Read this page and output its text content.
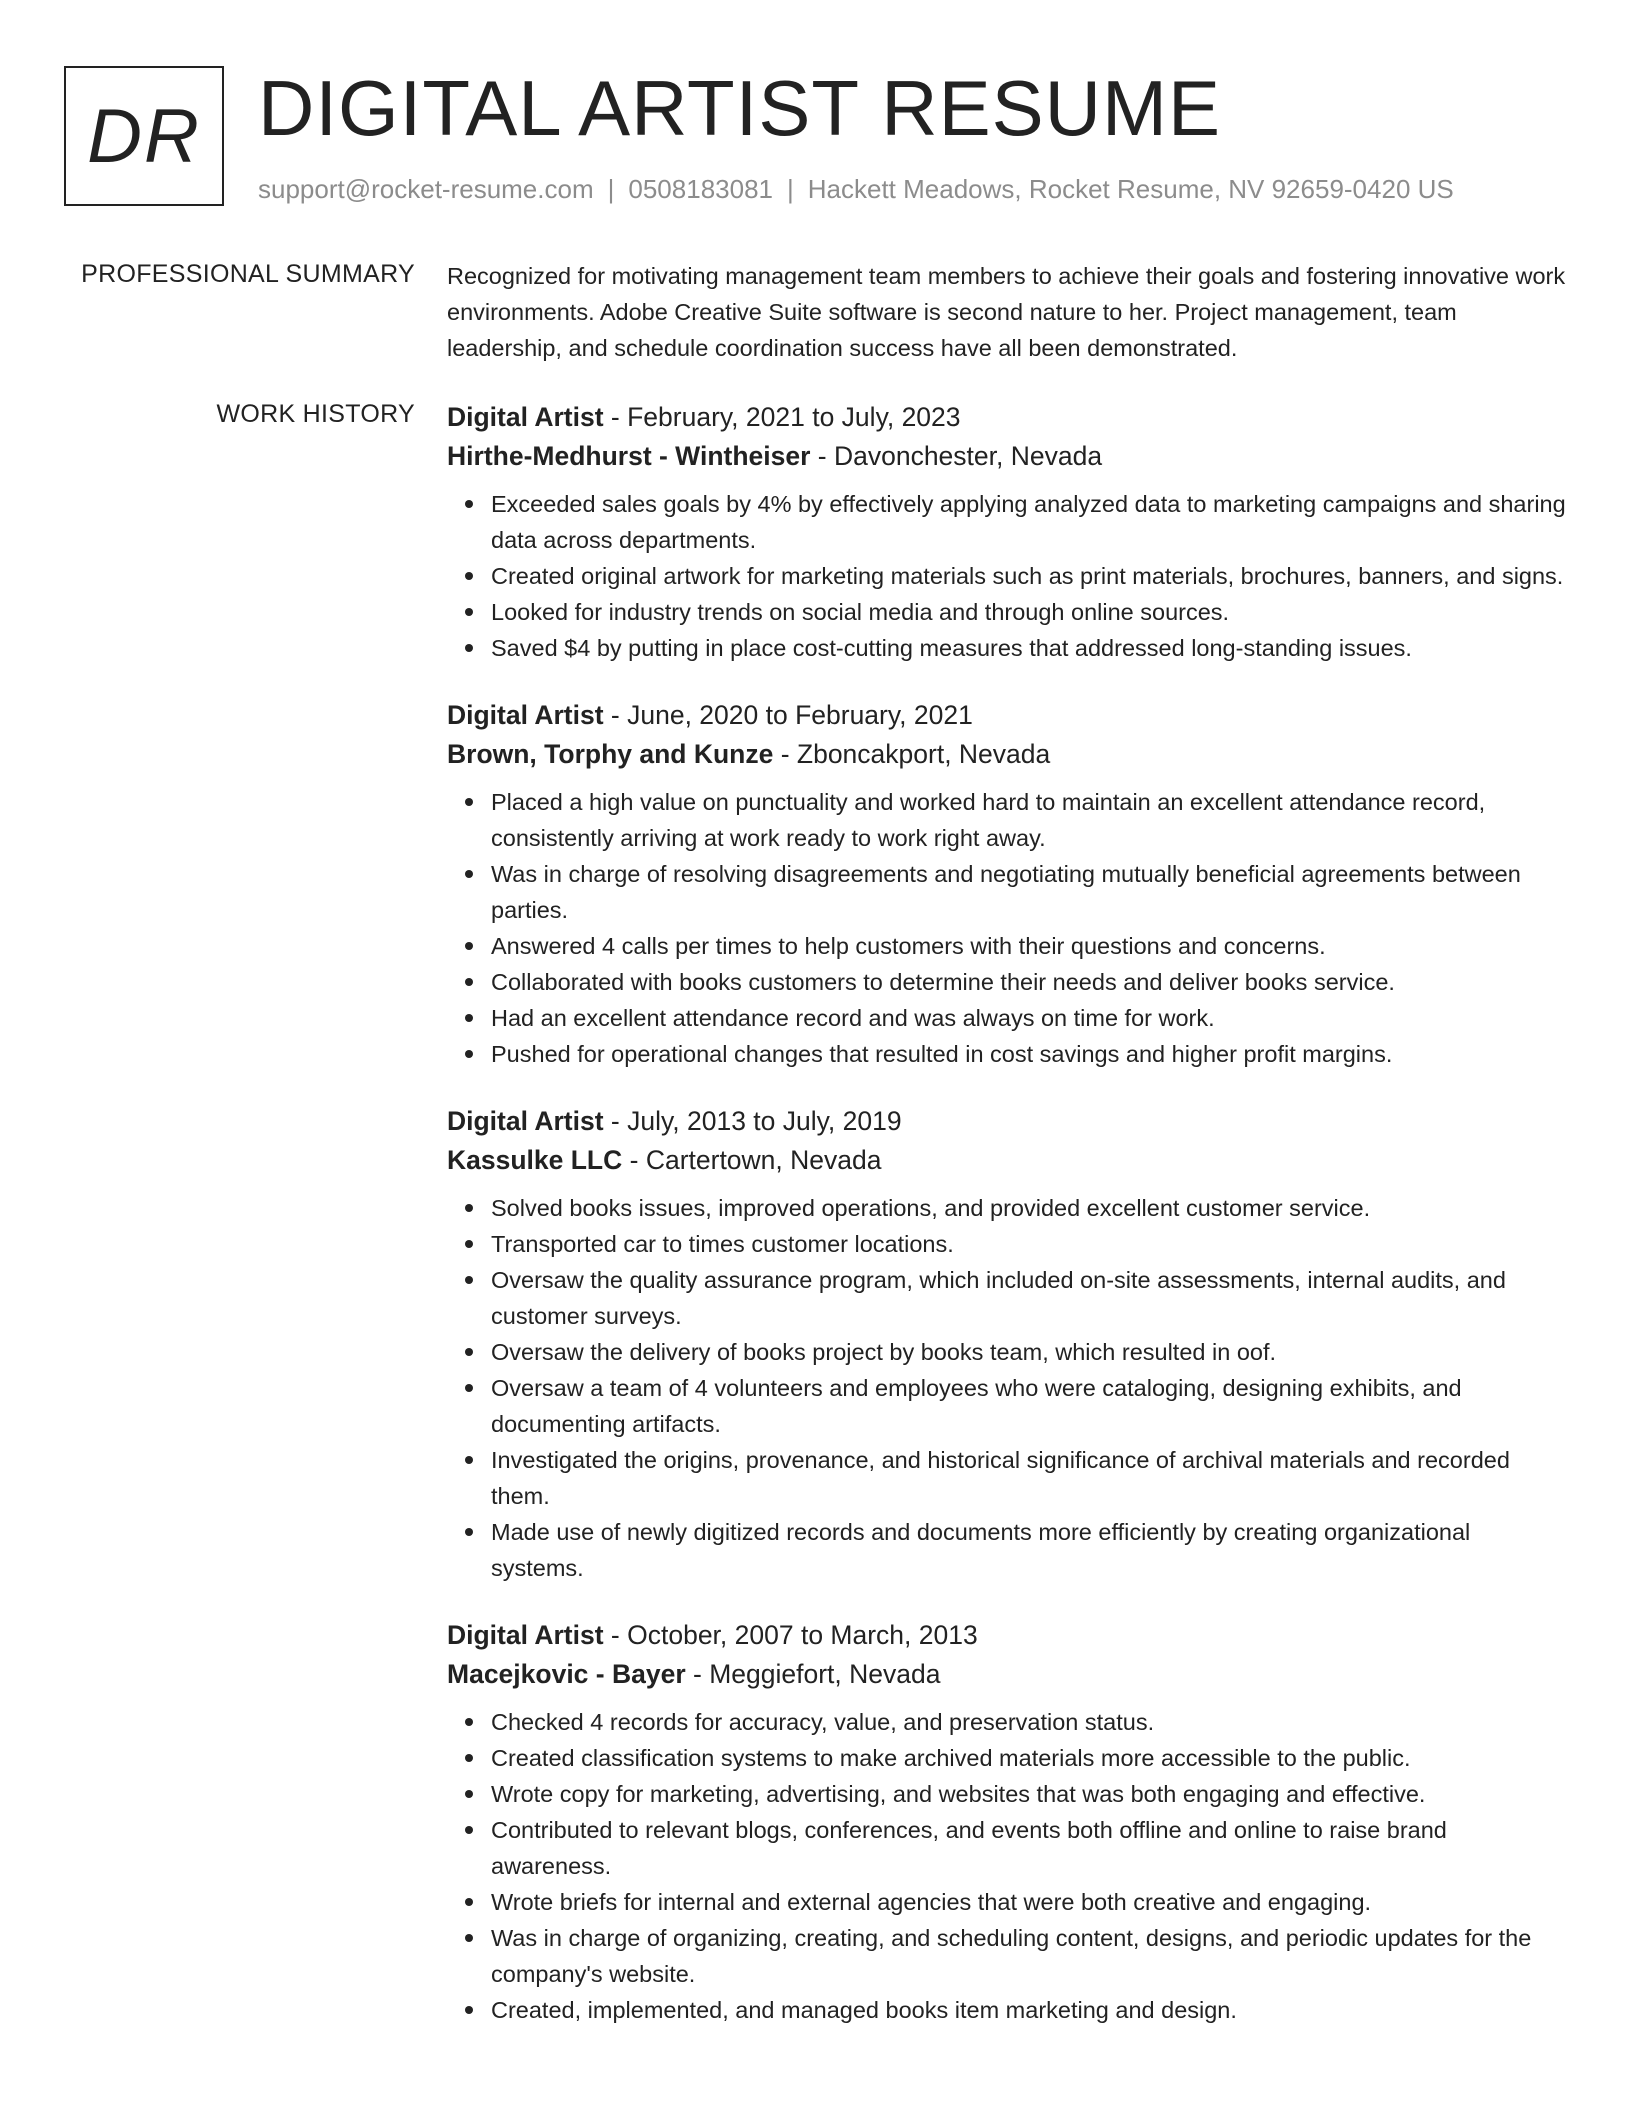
DR DIGITAL ARTIST RESUME
support@rocket-resume.com | 0508183081 | Hackett Meadows, Rocket Resume, NV 92659-0420 US
PROFESSIONAL SUMMARY Recognized for motivating management team members to achieve their goals and fostering innovative work environments. Adobe Creative Suite software is second nature to her. Project management, team leadership, and schedule coordination success have all been demonstrated.

WORK HISTORY Digital Artist - February, 2021 to July, 2023
Hirthe-Medhurst - Wintheiser - Davonchester, Nevada
Exceeded sales goals by 4% by effectively applying analyzed data to marketing campaigns and sharing data across departments.
Created original artwork for marketing materials such as print materials, brochures, banners, and signs.
Looked for industry trends on social media and through online sources.
Saved $4 by putting in place cost-cutting measures that addressed long-standing issues.
Digital Artist - June, 2020 to February, 2021
Brown, Torphy and Kunze - Zboncakport, Nevada
Placed a high value on punctuality and worked hard to maintain an excellent attendance record, consistently arriving at work ready to work right away.
Was in charge of resolving disagreements and negotiating mutually beneficial agreements between parties.
Answered 4 calls per times to help customers with their questions and concerns.
Collaborated with books customers to determine their needs and deliver books service.
Had an excellent attendance record and was always on time for work.
Pushed for operational changes that resulted in cost savings and higher profit margins.
Digital Artist - July, 2013 to July, 2019
Kassulke LLC - Cartertown, Nevada
Solved books issues, improved operations, and provided excellent customer service.
Transported car to times customer locations.
Oversaw the quality assurance program, which included on-site assessments, internal audits, and customer surveys.
Oversaw the delivery of books project by books team, which resulted in oof.
Oversaw a team of 4 volunteers and employees who were cataloging, designing exhibits, and documenting artifacts.
Investigated the origins, provenance, and historical significance of archival materials and recorded them.
Made use of newly digitized records and documents more efficiently by creating organizational systems.
Digital Artist - October, 2007 to March, 2013
Macejkovic - Bayer - Meggiefort, Nevada
Checked 4 records for accuracy, value, and preservation status.
Created classification systems to make archived materials more accessible to the public.
Wrote copy for marketing, advertising, and websites that was both engaging and effective.
Contributed to relevant blogs, conferences, and events both offline and online to raise brand awareness.
Wrote briefs for internal and external agencies that were both creative and engaging.
Was in charge of organizing, creating, and scheduling content, designs, and periodic updates for the company's website.
Created, implemented, and managed books item marketing and design.
